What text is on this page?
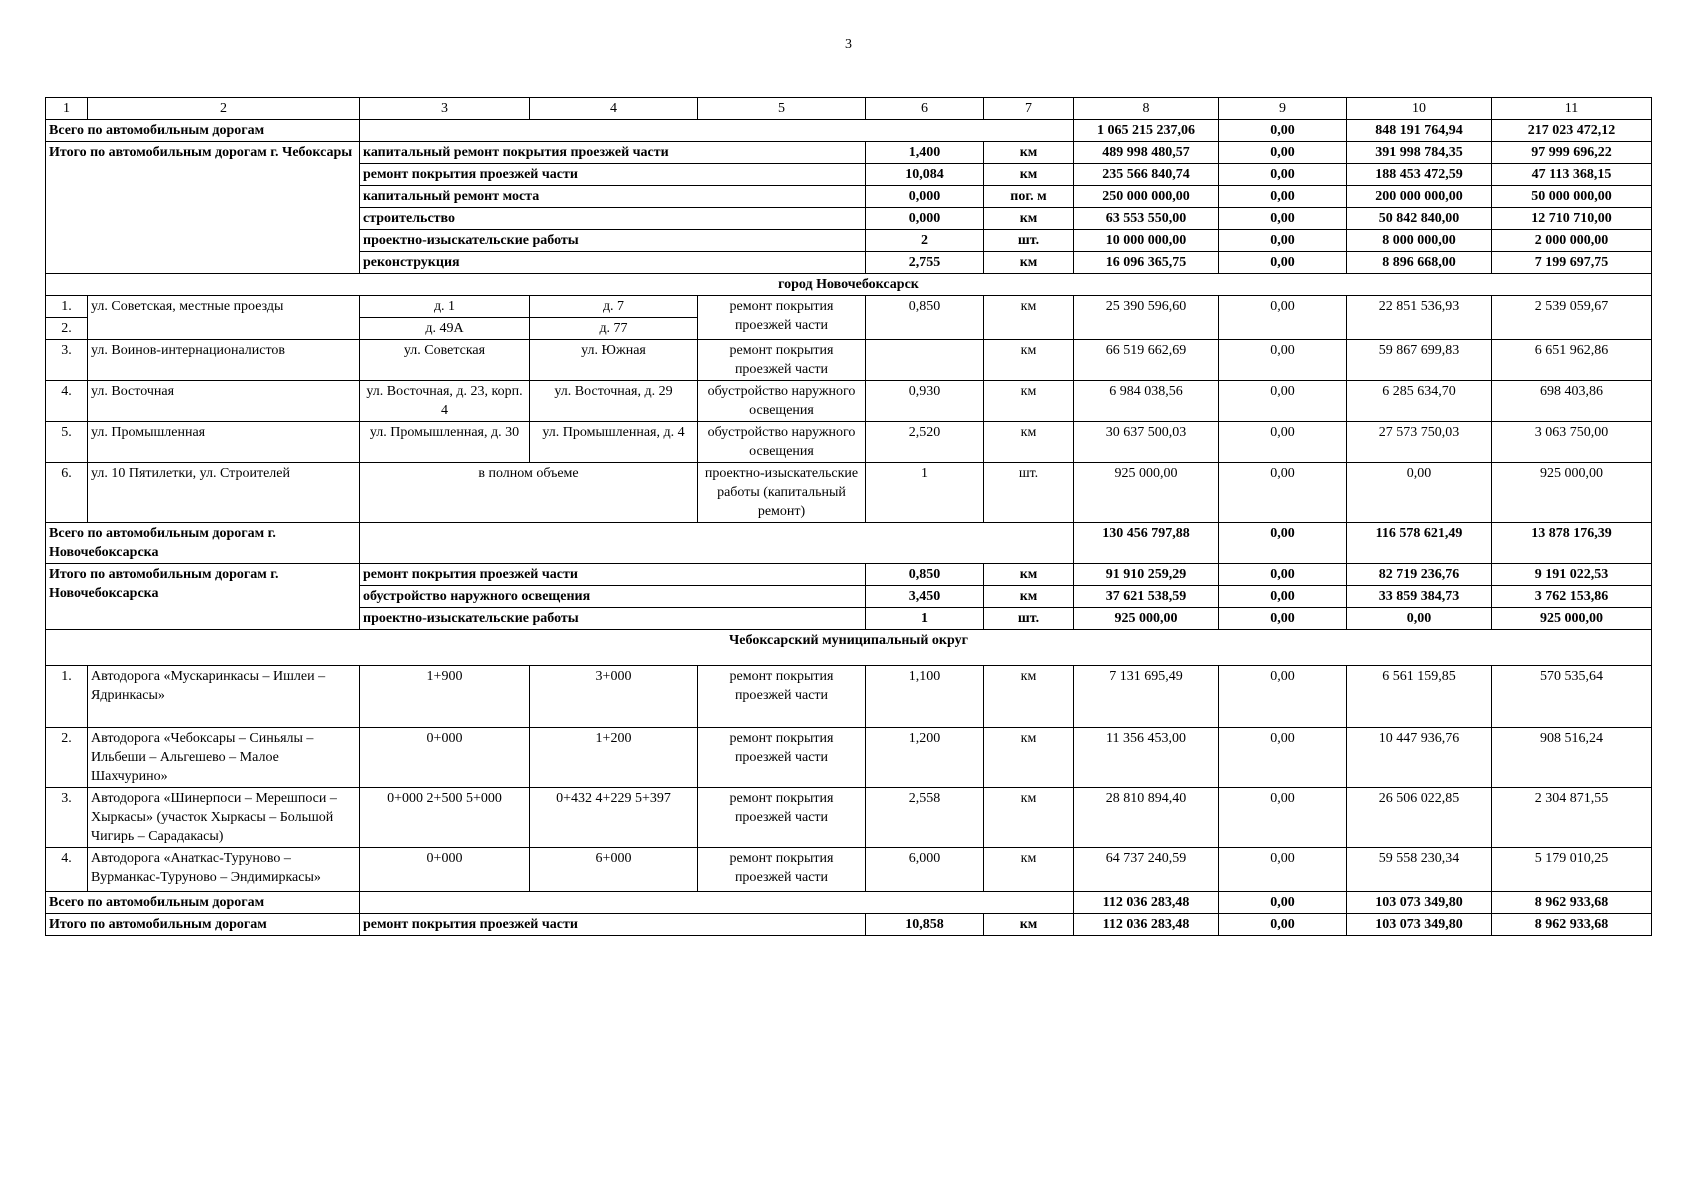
3
1	2	3	4	5	6	7	8	9	10	11
Всего по автомобильным дорогам							1 065 215 237,06	0,00	848 191 764,94	217 023 472,12
Итого по автомобильным дорогам г. Чебоксары		капитальный ремонт покрытия проезжей части			1,400	км	489 998 480,57	0,00	391 998 784,35	97 999 696,22
		ремонт покрытия проезжей части			10,084	км	235 566 840,74	0,00	188 453 472,59	47 113 368,15
		капитальный ремонт моста			0,000	пог. м	250 000 000,00	0,00	200 000 000,00	50 000 000,00
		строительство			0,000	км	63 553 550,00	0,00	50 842 840,00	12 710 710,00
		проектно-изыскательские работы			2	шт.	10 000 000,00	0,00	8 000 000,00	2 000 000,00
		реконструкция			2,755	км	16 096 365,75	0,00	8 896 668,00	7 199 697,75
город Новочебоксарск										
1.	ул. Советская, местные проезды	д. 1	д. 7	ремонт покрытия проезжей части	0,850	км	25 390 596,60	0,00	22 851 536,93	2 539 059,67
2.		д. 49А	д. 77							
3.	ул. Воинов-интернационалистов	ул. Советская	ул. Южная	ремонт покрытия проезжей части		км	66 519 662,69	0,00	59 867 699,83	6 651 962,86
4.	ул. Восточная	ул. Восточная, д. 23, корп. 4	ул. Восточная, д. 29	обустройство наружного освещения	0,930	км	6 984 038,56	0,00	6 285 634,70	698 403,86
5.	ул. Промышленная	ул. Промышленная, д. 30	ул. Промышленная, д. 4	обустройство наружного освещения	2,520	км	30 637 500,03	0,00	27 573 750,03	3 063 750,00
6.	ул. 10 Пятилетки, ул. Строителей	в полном объеме		проектно-изыскательские работы (капитальный ремонт)	1	шт.	925 000,00	0,00	0,00	925 000,00
Всего по автомобильным дорогам г. Новочебоксарска							130 456 797,88	0,00	116 578 621,49	13 878 176,39
Итого по автомобильным дорогам г. Новочебоксарска		ремонт покрытия проезжей части			0,850	км	91 910 259,29	0,00	82 719 236,76	9 191 022,53
		обустройство наружного освещения			3,450	км	37 621 538,59	0,00	33 859 384,73	3 762 153,86
		проектно-изыскательские работы			1	шт.	925 000,00	0,00	0,00	925 000,00
Чебоксарский муниципальный округ										
1.	Автодорога «Мускаринкасы – Ишлеи – Ядринкасы»	1+900	3+000	ремонт покрытия проезжей части	1,100	км	7 131 695,49	0,00	6 561 159,85	570 535,64
2.	Автодорога «Чебоксары – Синьялы – Ильбеши – Альгешево – Малое Шахчурино»	0+000	1+200	ремонт покрытия проезжей части	1,200	км	11 356 453,00	0,00	10 447 936,76	908 516,24
3.	Автодорога «Шинерпоси – Мерешпоси – Хыркасы» (участок Хыркасы – Большой Чигирь – Сарадакасы)	0+000 2+500 5+000	0+432 4+229 5+397	ремонт покрытия проезжей части	2,558	км	28 810 894,40	0,00	26 506 022,85	2 304 871,55
4.	Автодорога «Анаткас-Туруново – Вурманкас-Туруново – Эндимиркасы»	0+000	6+000	ремонт покрытия проезжей части	6,000	км	64 737 240,59	0,00	59 558 230,34	5 179 010,25
Всего по автомобильным дорогам							112 036 283,48	0,00	103 073 349,80	8 962 933,68
Итого по автомобильным дорогам		ремонт покрытия проезжей части			10,858	км	112 036 283,48	0,00	103 073 349,80	8 962 933,68
